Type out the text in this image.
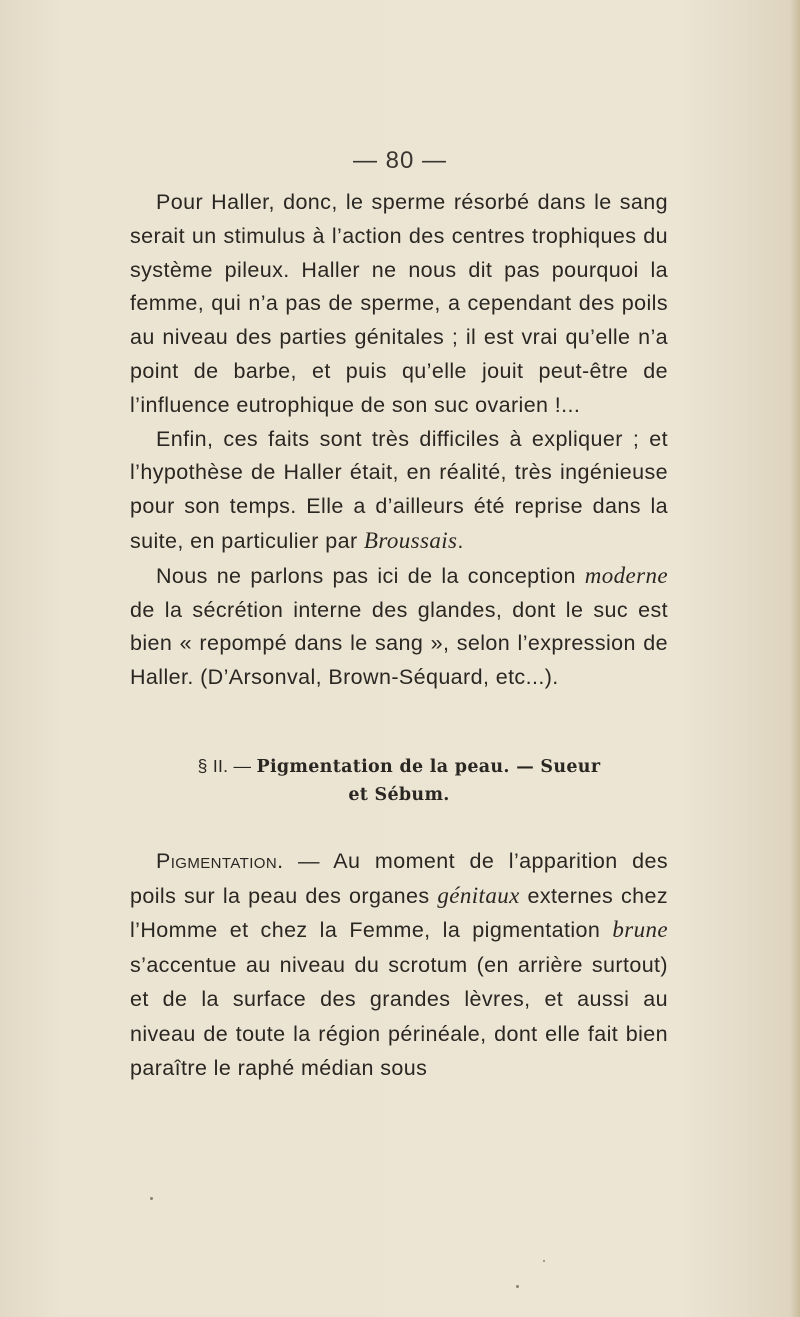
— 80 —

Pour Haller, donc, le sperme résorbé dans le sang serait un stimulus à l’action des centres trophiques du système pileux. Haller ne nous dit pas pourquoi la femme, qui n’a pas de sperme, a cependant des poils au niveau des parties génitales ; il est vrai qu’elle n’a point de barbe, et puis qu’elle jouit peut-être de l’influence eutrophique de son suc ovarien !...

Enfin, ces faits sont très difficiles à expliquer ; et l’hypothèse de Haller était, en réalité, très ingénieuse pour son temps. Elle a d’ailleurs été reprise dans la suite, en particulier par Broussais.

Nous ne parlons pas ici de la conception moderne de la sécrétion interne des glandes, dont le suc est bien « repompé dans le sang », selon l’expression de Haller. (D’Arsonval, Brown-Séquard, etc...).

§ II. — Pigmentation de la peau. — Sueur
et Sébum.

Pigmentation. — Au moment de l’apparition des poils sur la peau des organes génitaux externes chez l’Homme et chez la Femme, la pigmentation brune s’accentue au niveau du scrotum (en arrière surtout) et de la surface des grandes lèvres, et aussi au niveau de toute la région périnéale, dont elle fait bien paraître le raphé médian sous
